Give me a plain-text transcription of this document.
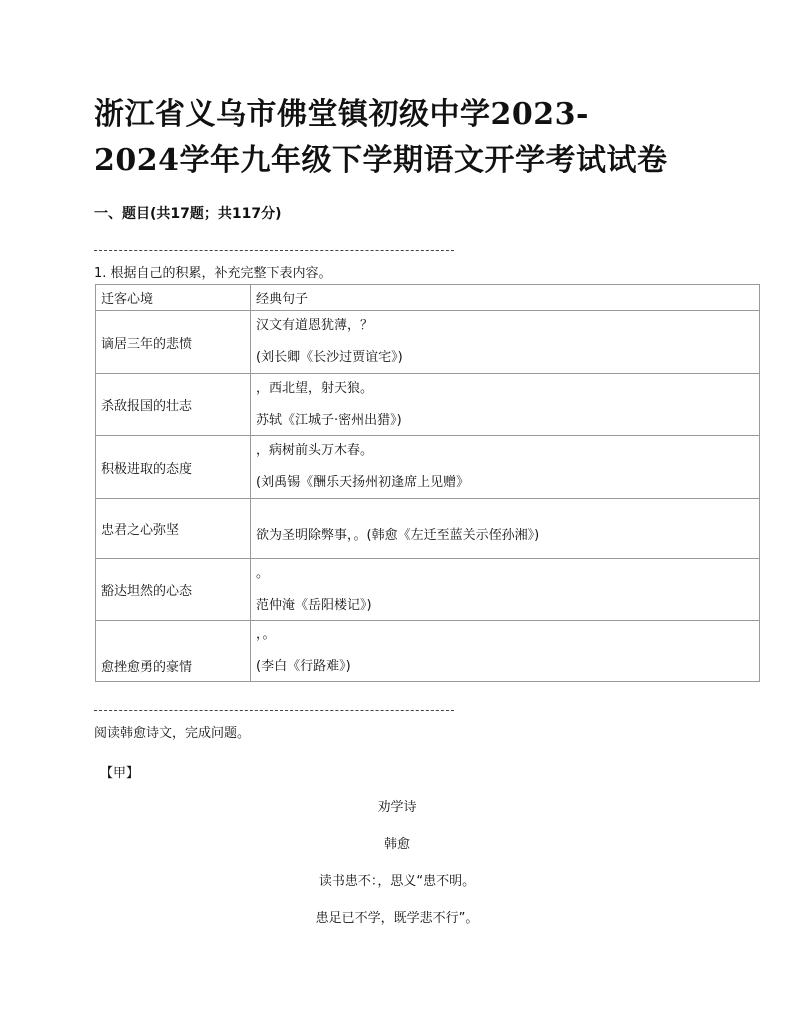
浙江省义乌市佛堂镇初级中学2023-
2024学年九年级下学期语文开学考试试卷
一、题目(共17题；共117分)
1. 根据自己的积累，补充完整下表内容。
迁客心境	经典句子
谪居三年的悲愤	汉文有道恩犹薄，？
(刘长卿《长沙过贾谊宅》)

杀敌报国的壮志	，西北望，射天狼。
苏轼《江城子·密州出猎》)

积极进取的态度	，病树前头万木春。
(刘禹锡《酬乐天扬州初逢席上见赠》

忠君之心弥坚	欲为圣明除弊事，。(韩愈《左迁至蓝关示侄孙湘》)

豁达坦然的心态	。
范仲淹《岳阳楼记》)

愈挫愈勇的豪情	，。
(李白《行路难》)
阅读韩愈诗文，完成问题。
【甲】
劝学诗
韩愈
读书患不：，思义“患不明。
患足已不学，既学悲不行”。
